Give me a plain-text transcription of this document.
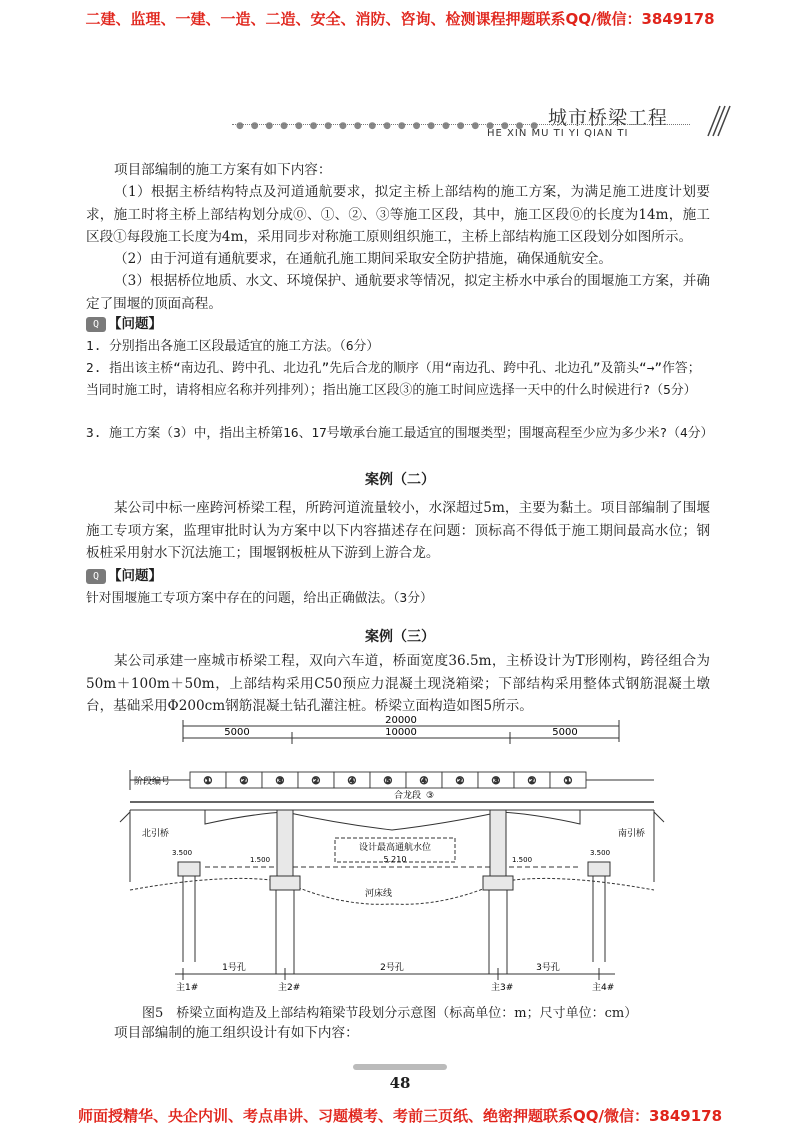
二建、监理、一建、一造、二造、安全、消防、咨询、检测课程押题联系QQ/微信：3849178
城市桥梁工程
● ● ● ● ● ● ● ● ● ● ● ● ● ● ● ● ● ● ● ● ●
HE XIN MU TI YI QIAN TI
项目部编制的施工方案有如下内容：
（1）根据主桥结构特点及河道通航要求，拟定主桥上部结构的施工方案，为满足施工进度计划要求，施工时将主桥上部结构划分成⓪、①、②、③等施工区段，其中，施工区段⓪的长度为14m，施工区段①每段施工长度为4m，采用同步对称施工原则组织施工，主桥上部结构施工区段划分如图所示。
（2）由于河道有通航要求，在通航孔施工期间采取安全防护措施，确保通航安全。
（3）根据桥位地质、水文、环境保护、通航要求等情况，拟定主桥水中承台的围堰施工方案，并确定了围堰的顶面高程。
Q 【问题】
1. 分别指出各施工区段最适宜的施工方法。（6分）
2. 指出该主桥“南边孔、跨中孔、北边孔”先后合龙的顺序（用“南边孔、跨中孔、北边孔”及箭头“→”作答；当同时施工时，请将相应名称并列排列）；指出施工区段③的施工时间应选择一天中的什么时候进行?（5分）
3. 施工方案（3）中，指出主桥第16、17号墩承台施工最适宜的围堰类型；围堰高程至少应为多少米?（4分）
案例（二）
某公司中标一座跨河桥梁工程，所跨河道流量较小，水深超过5m，主要为黏土。项目部编制了围堰施工专项方案，监理审批时认为方案中以下内容描述存在问题：顶标高不得低于施工期间最高水位；钢板桩采用射水下沉法施工；围堰钢板桩从下游到上游合龙。
Q 【问题】
针对围堰施工专项方案中存在的问题，给出正确做法。（3分）
案例（三）
某公司承建一座城市桥梁工程，双向六车道，桥面宽度36.5m，主桥设计为T形刚构，跨径组合为50m＋100m＋50m，上部结构采用C50预应力混凝土现浇箱梁；下部结构采用整体式钢筋混凝土墩台，基础采用Φ200cm钢筋混凝土钻孔灌注桩。桥梁立面构造如图5所示。
①	②	③	②	④	⑤	④	②	③	②	①
20000
5000	10000	5000
阶段编号
合龙段 ③
设计最高通航水位
5.210
河床线
北引桥	南引桥
3.500
1.500	1.500
3.500
主1#	主2#	主3#	主4#
1号孔	2号孔	3号孔
图5　桥梁立面构造及上部结构箱梁节段划分示意图（标高单位：m；尺寸单位：cm）
项目部编制的施工组织设计有如下内容：
48
师面授精华、央企内训、考点串讲、习题模考、考前三页纸、绝密押题联系QQ/微信：3849178
